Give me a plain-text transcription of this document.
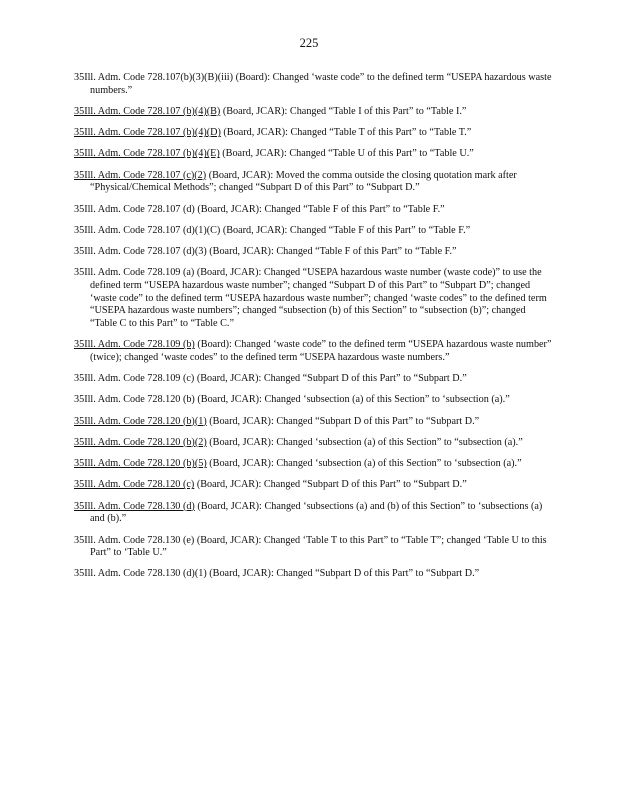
225

35Ill. Adm. Code 728.107(b)(3)(B)(iii) (Board): Changed ‘waste code” to the defined term “USEPA hazardous waste numbers.”

35Ill. Adm. Code 728.107 (b)(4)(B) (Board, JCAR): Changed “Table I of this Part” to “Table I.”

35Ill. Adm. Code 728.107 (b)(4)(D) (Board, JCAR): Changed “Table T of this Part” to “Table T.”

35Ill. Adm. Code 728.107 (b)(4)(E) (Board, JCAR): Changed “Table U of this Part” to “Table U.”

35Ill. Adm. Code 728.107 (c)(2) (Board, JCAR): Moved the comma outside the closing quotation mark after “Physical/Chemical Methods”; changed “Subpart D of this Part” to “Subpart D.”

35Ill. Adm. Code 728.107 (d) (Board, JCAR): Changed “Table F of this Part” to “Table F.”

35Ill. Adm. Code 728.107 (d)(1)(C) (Board, JCAR): Changed “Table F of this Part” to “Table F.”

35Ill. Adm. Code 728.107 (d)(3) (Board, JCAR): Changed “Table F of this Part” to “Table F.”

35Ill. Adm. Code 728.109 (a) (Board, JCAR): Changed “USEPA hazardous waste number (waste code)” to use the defined term “USEPA hazardous waste number”; changed “Subpart D of this Part” to “Subpart D”; changed ‘waste code” to the defined term “USEPA hazardous waste number”; changed ‘waste codes” to the defined term “USEPA hazardous waste numbers”; changed “subsection (b) of this Section” to “subsection (b)”; changed “Table C to this Part” to “Table C.”

35Ill. Adm. Code 728.109 (b) (Board): Changed ‘waste code” to the defined term “USEPA hazardous waste number” (twice); changed ‘waste codes” to the defined term “USEPA hazardous waste numbers.”

35Ill. Adm. Code 728.109 (c) (Board, JCAR): Changed “Subpart D of this Part” to “Subpart D.”

35Ill. Adm. Code 728.120 (b) (Board, JCAR): Changed ‘subsection (a) of this Section” to ‘subsection (a).”

35Ill. Adm. Code 728.120 (b)(1) (Board, JCAR): Changed “Subpart D of this Part” to “Subpart D.”

35Ill. Adm. Code 728.120 (b)(2) (Board, JCAR): Changed ‘subsection (a) of this Section” to “subsection (a).”

35Ill. Adm. Code 728.120 (b)(5) (Board, JCAR): Changed ‘subsection (a) of this Section” to ‘subsection (a).”

35Ill. Adm. Code 728.120 (c) (Board, JCAR): Changed “Subpart D of this Part” to “Subpart D.”

35Ill. Adm. Code 728.130 (d) (Board, JCAR): Changed ‘subsections (a) and (b) of this Section” to ‘subsections (a) and (b).”

35Ill. Adm. Code 728.130 (e) (Board, JCAR): Changed ‘Table T to this Part” to “Table T”; changed ‘Table U to this Part” to ‘Table U.”

35Ill. Adm. Code 728.130 (d)(1) (Board, JCAR): Changed “Subpart D of this Part” to “Subpart D.”
